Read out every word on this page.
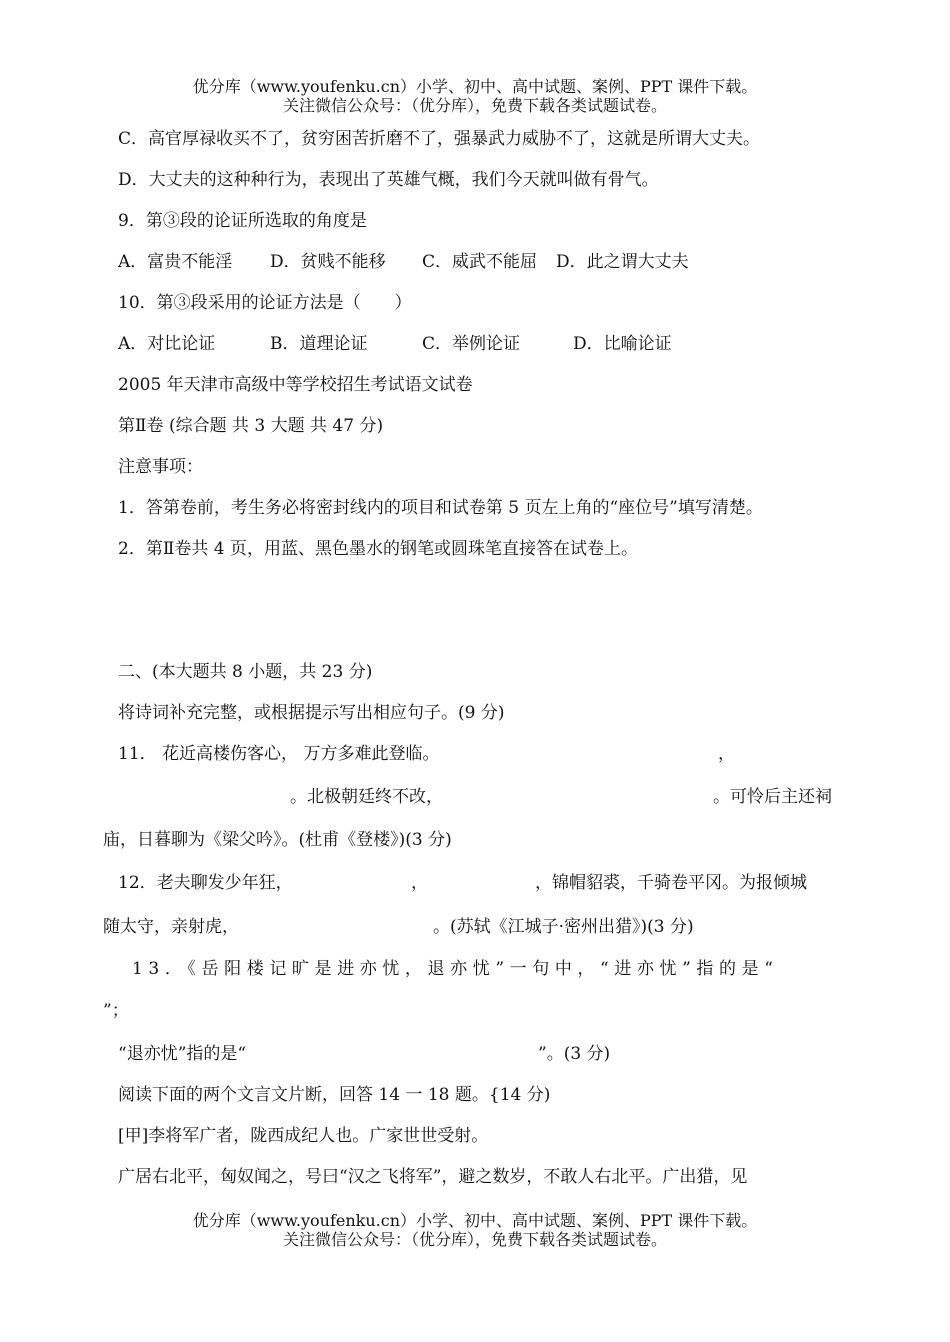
优分库（www.youfenku.cn）小学、初中、高中试题、案例、PPT 课件下载。
关注微信公众号：（优分库），免费下载各类试题试卷。
C．高官厚禄收买不了，贫穷困苦折磨不了，强暴武力威胁不了，这就是所谓大丈夫。
D．大丈夫的这种种行为，表现出了英雄气概，我们今天就叫做有骨气。
9．第③段的论证所选取的角度是
A．富贵不能淫 D．贫贱不能移 C．威武不能屈 D．此之谓大丈夫
10．第③段采用的论证方法是（　　）
A．对比论证	B．道理论证	C．举例论证	D．比喻论证
2005 年天津市高级中等学校招生考试语文试卷
第Ⅱ卷 (综合题 共 3 大题 共 47 分)
注意事项：
1．答第卷前，考生务必将密封线内的项目和试卷第 5 页左上角的“座位号”填写清楚。
2．第Ⅱ卷共 4 页，用蓝、黑色墨水的钢笔或圆珠笔直接答在试卷上。
二、(本大题共 8 小题，共 23 分)
将诗词补充完整，或根据提示写出相应句子。(9 分)
11． 花近高楼伤客心， 万方多难此登临。	，
。北极朝廷终不改，	。可怜后主还祠
庙，日暮聊为《梁父吟》。(杜甫《登楼》)(3 分)
12．老夫聊发少年狂，	，	，锦帽貂裘，千骑卷平冈。为报倾城
随太守，亲射虎，	。(苏轼《江城子·密州出猎》)(3 分)
13．《岳阳楼记旷是进亦忧，退亦忧”一句中，“进亦忧”指的是“
”；
“退亦忧”指的是“	”。(3 分)
阅读下面的两个文言文片断，回答 14 一 18 题。{14 分)
[甲]李将军广者，陇西成纪人也。广家世世受射。
广居右北平，匈奴闻之，号曰“汉之飞将军”，避之数岁，不敢人右北平。广出猎，见
优分库（www.youfenku.cn）小学、初中、高中试题、案例、PPT 课件下载。
关注微信公众号：（优分库），免费下载各类试题试卷。
